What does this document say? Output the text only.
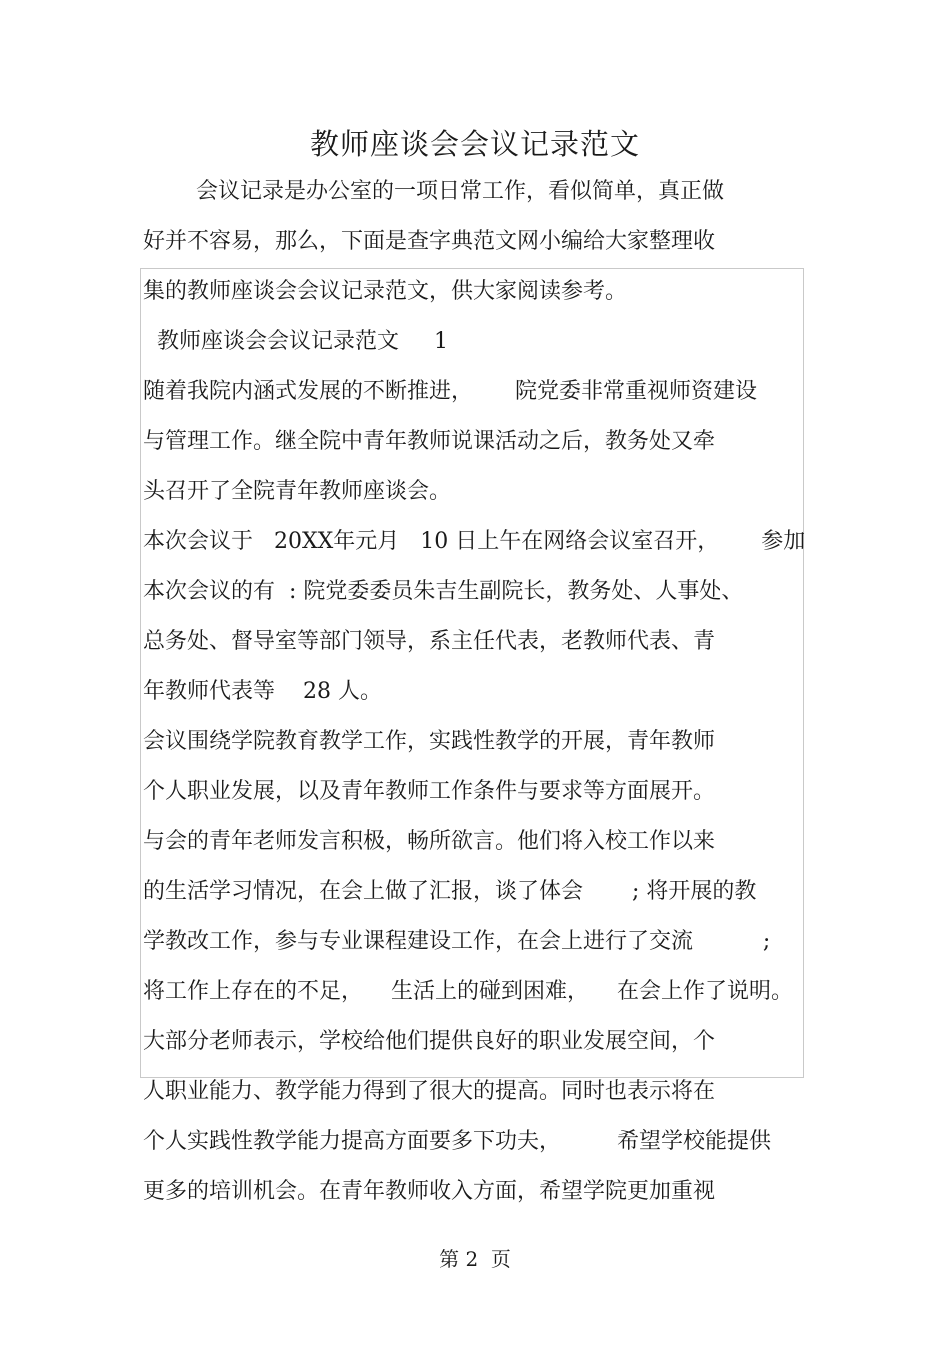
教师座谈会会议记录范文
会议记录是办公室的一项日常工作，看似简单，真正做
好并不容易，那么，下面是查字典范文网小编给大家整理收
集的教师座谈会会议记录范文，供大家阅读参考。
教师座谈会会议记录范文     1
随着我院内涵式发展的不断推进，      院党委非常重视师资建设
与管理工作。继全院中青年教师说课活动之后，教务处又牵
头召开了全院青年教师座谈会。
本次会议于   20XX年元月   10 日上午在网络会议室召开，      参加
本次会议的有  : 院党委委员朱吉生副院长，教务处、人事处、
总务处、督导室等部门领导，系主任代表，老教师代表、青
年教师代表等    28 人。
会议围绕学院教育教学工作，实践性教学的开展，青年教师
个人职业发展，以及青年教师工作条件与要求等方面展开。
与会的青年老师发言积极，畅所欲言。他们将入校工作以来
的生活学习情况，在会上做了汇报，谈了体会       ; 将开展的教
学教改工作，参与专业课程建设工作，在会上进行了交流          ;
将工作上存在的不足，    生活上的碰到困难，    在会上作了说明。
大部分老师表示，学校给他们提供良好的职业发展空间，个
人职业能力、教学能力得到了很大的提高。同时也表示将在
个人实践性教学能力提高方面要多下功夫，        希望学校能提供
更多的培训机会。在青年教师收入方面，希望学院更加重视
第 2  页
